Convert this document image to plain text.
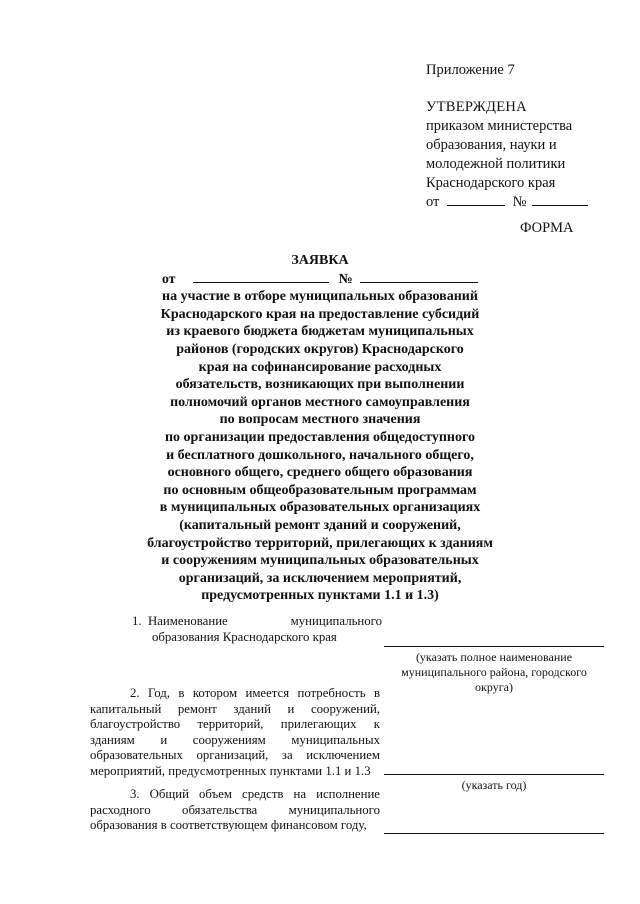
Приложение 7
УТВЕРЖДЕНА
приказом министерства
образования, науки и
молодежной политики
Краснодарского края
от	№
ФОРМА
ЗАЯВКА
от	№
на участие в отборе муниципальных образований
Краснодарского края на предоставление субсидий
из краевого бюджета бюджетам муниципальных
районов (городских округов) Краснодарского
края на софинансирование расходных
обязательств, возникающих при выполнении
полномочий органов местного самоуправления
по вопросам местного значения
по организации предоставления общедоступного
и бесплатного дошкольного, начального общего,
основного общего, среднего общего образования
по основным общеобразовательным программам
в муниципальных образовательных организациях
(капитальный ремонт зданий и сооружений,
благоустройство территорий, прилегающих к зданиям
и сооружениям муниципальных образовательных
организаций, за исключением мероприятий,
предусмотренных пунктами 1.1 и 1.3)
1. Наименование	муниципального
образования Краснодарского края
(указать полное наименование муниципального района, городского округа)
2. Год, в котором имеется потребность в капитальный ремонт зданий и сооружений, благоустройство территорий, прилегающих к зданиям и сооружениям муниципальных образовательных организаций, за исключением мероприятий, предусмотренных пунктами 1.1 и 1.3
(указать год)
3. Общий объем средств на исполнение расходного обязательства муниципального образования в соответствующем финансовом году,
